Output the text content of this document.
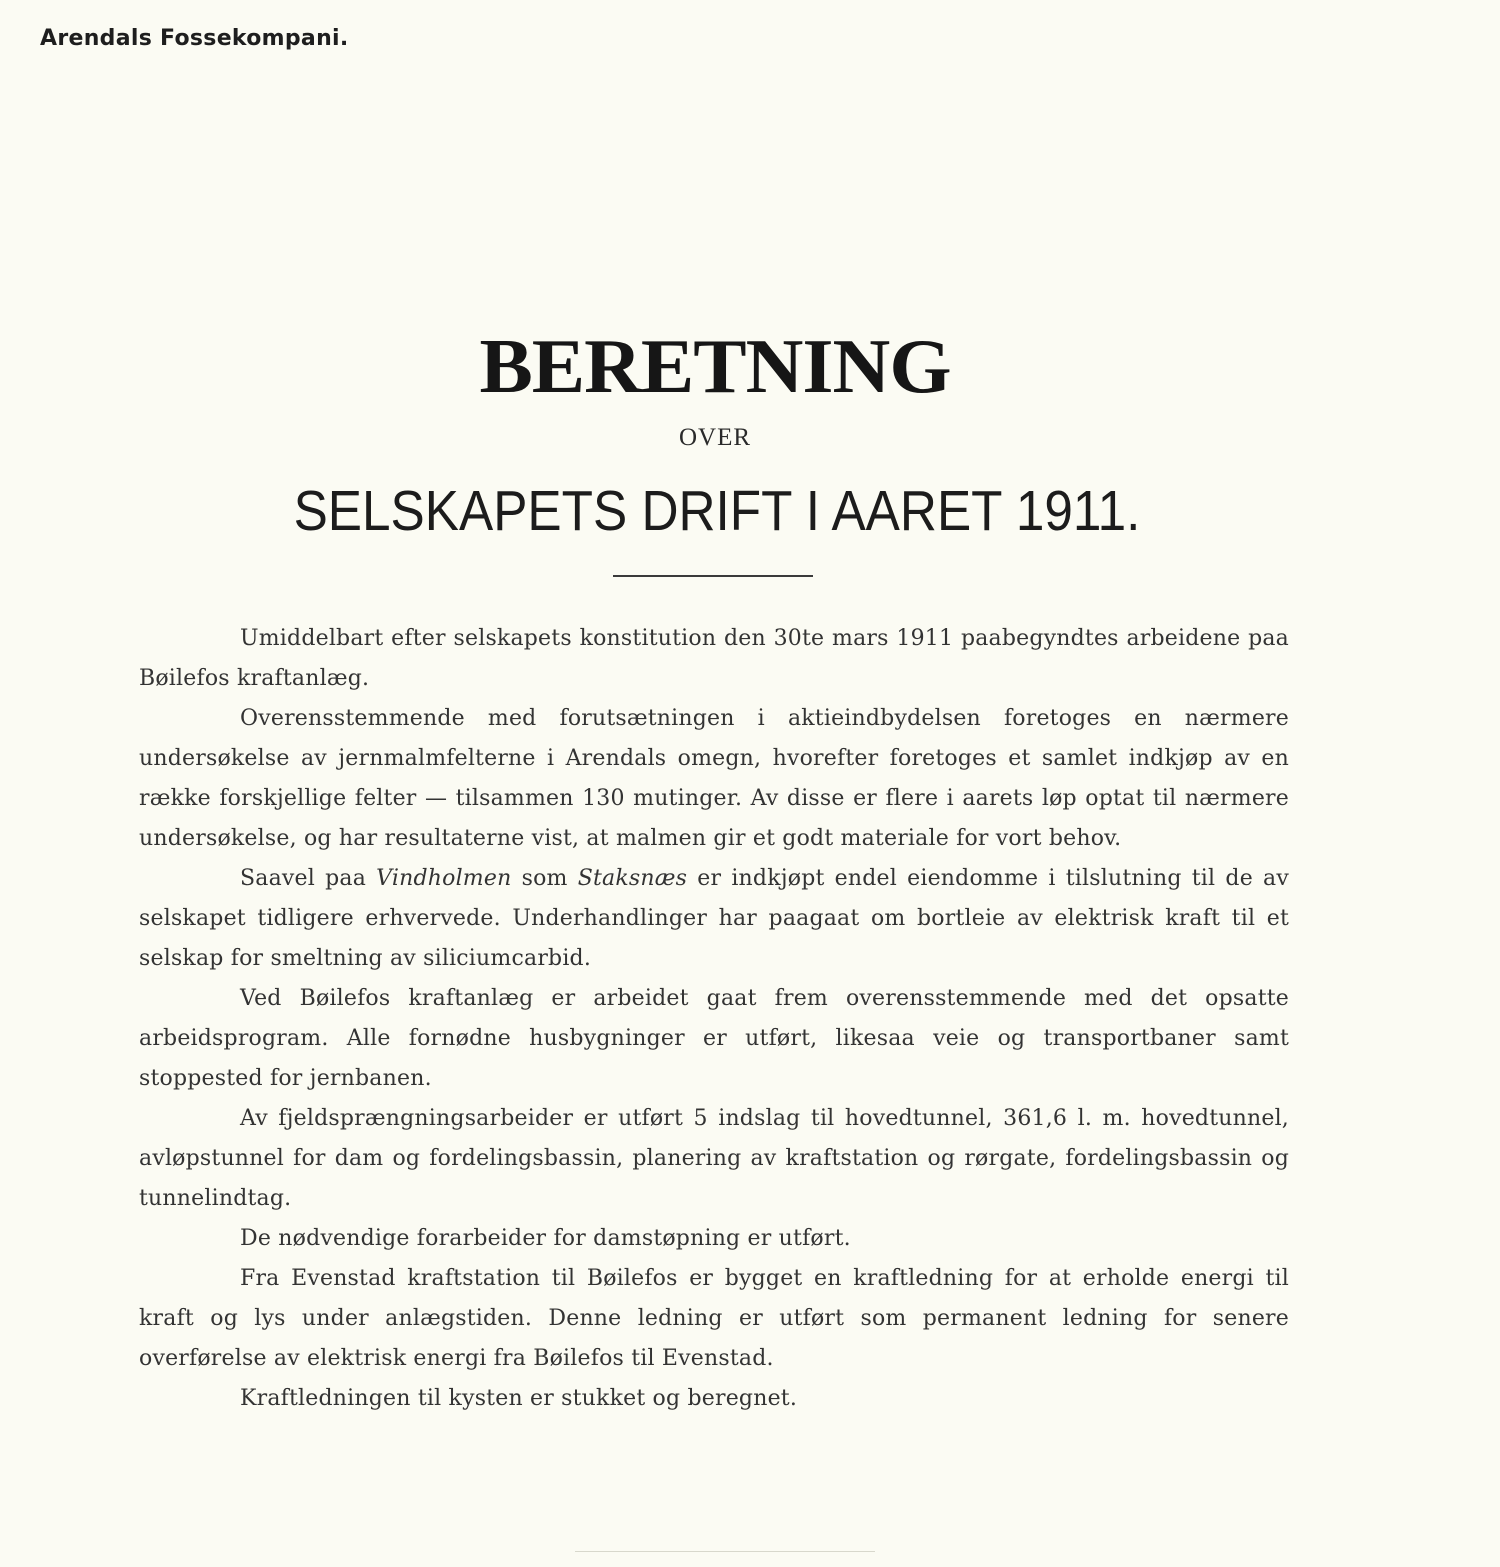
Arendals Fossekompani.
BERETNING
OVER
SELSKAPETS DRIFT I AARET 1911.

Umiddelbart efter selskapets konstitution den 30te mars 1911 paabegyndtes arbeidene paa Bøilefos kraftanlæg.

Overensstemmende med forutsætningen i aktieindbydelsen foretoges en nærmere undersøkelse av jernmalmfelterne i Arendals omegn, hvorefter foretoges et samlet indkjøp av en række forskjellige felter — tilsammen 130 mutinger. Av disse er flere i aarets løp optat til nærmere undersøkelse, og har resultaterne vist, at malmen gir et godt materiale for vort behov.

Saavel paa Vindholmen som Staksnæs er indkjøpt endel eiendomme i tilslutning til de av selskapet tidligere erhvervede. Underhandlinger har paagaat om bortleie av elektrisk kraft til et selskap for smeltning av siliciumcarbid.

Ved Bøilefos kraftanlæg er arbeidet gaat frem overensstemmende med det opsatte arbeidsprogram. Alle fornødne husbygninger er utført, likesaa veie og transportbaner samt stoppested for jernbanen.

Av fjeldsprængningsarbeider er utført 5 indslag til hovedtunnel, 361,6 l. m. hovedtunnel, avløpstunnel for dam og fordelingsbassin, planering av kraftstation og rørgate, fordelingsbassin og tunnelindtag.

De nødvendige forarbeider for damstøpning er utført.

Fra Evenstad kraftstation til Bøilefos er bygget en kraftledning for at erholde energi til kraft og lys under anlægstiden. Denne ledning er utført som permanent ledning for senere overførelse av elektrisk energi fra Bøilefos til Evenstad.

Kraftledningen til kysten er stukket og beregnet.
